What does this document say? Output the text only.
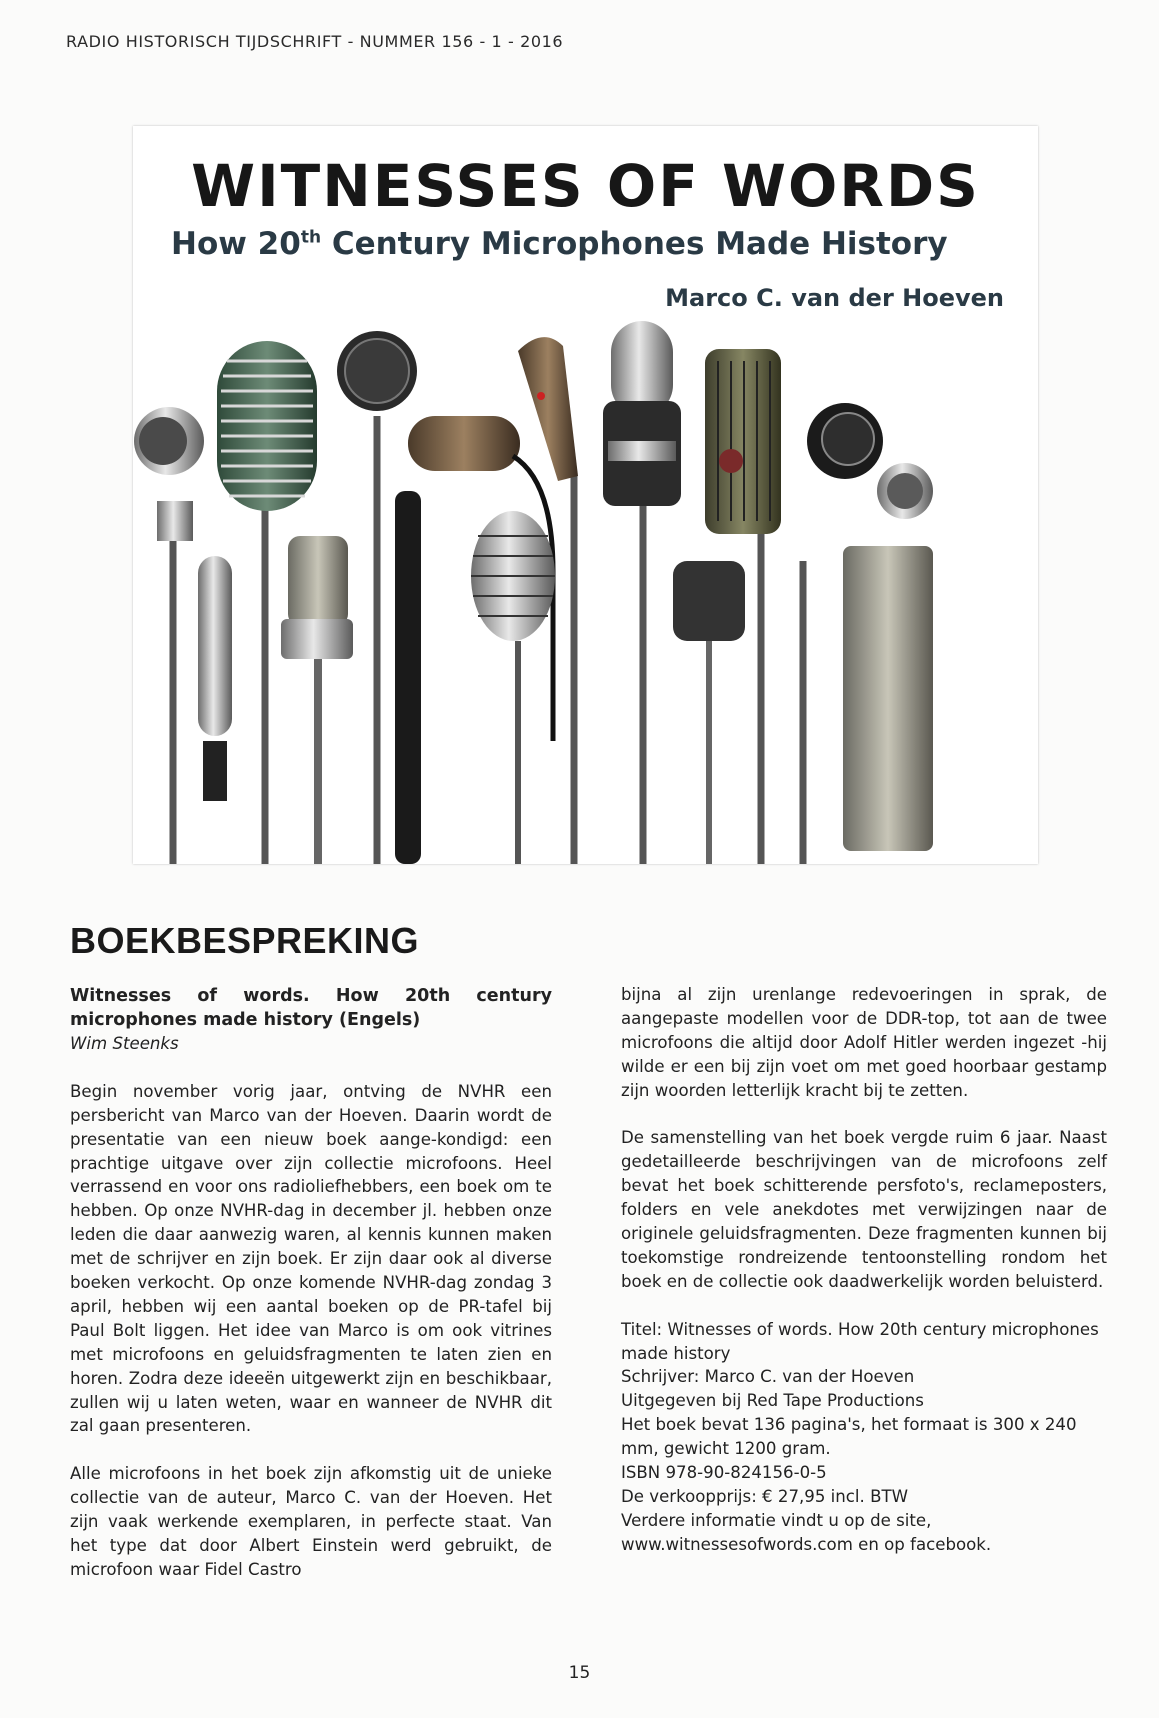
RADIO HISTORISCH TIJDSCHRIFT - NUMMER 156 - 1 - 2016
WITNESSES OF WORDS
How 20th Century Microphones Made History
Marco C. van der Hoeven
BOEKBESPREKING
Witnesses of words. How 20th century microphones made history (Engels)
Wim Steenks

Begin november vorig jaar, ontving de NVHR een persbericht van Marco van der Hoeven. Daarin wordt de presentatie van een nieuw boek aange-kondigd: een prachtige uitgave over zijn collectie microfoons. Heel verrassend en voor ons radioliefhebbers, een boek om te hebben. Op onze NVHR-dag in december jl. hebben onze leden die daar aanwezig waren, al kennis kunnen maken met de schrijver en zijn boek. Er zijn daar ook al diverse boeken verkocht. Op onze komende NVHR-dag zondag 3 april, hebben wij een aantal boeken op de PR-tafel bij Paul Bolt liggen. Het idee van Marco is om ook vitrines met microfoons en geluidsfragmenten te laten zien en horen. Zodra deze ideeën uitgewerkt zijn en beschikbaar, zullen wij u laten weten, waar en wanneer de NVHR dit zal gaan presenteren.

Alle microfoons in het boek zijn afkomstig uit de unieke collectie van de auteur, Marco C. van der Hoeven. Het zijn vaak werkende exemplaren, in perfecte staat. Van het type dat door Albert Einstein werd gebruikt, de microfoon waar Fidel Castro

bijna al zijn urenlange redevoeringen in sprak, de aangepaste modellen voor de DDR-top, tot aan de twee microfoons die altijd door Adolf Hitler werden ingezet -hij wilde er een bij zijn voet om met goed hoorbaar gestamp zijn woorden letterlijk kracht bij te zetten.

De samenstelling van het boek vergde ruim 6 jaar. Naast gedetailleerde beschrijvingen van de microfoons zelf bevat het boek schitterende persfoto's, reclameposters, folders en vele anekdotes met verwijzingen naar de originele geluidsfragmenten. Deze fragmenten kunnen bij toekomstige rondreizende tentoonstelling rondom het boek en de collectie ook daadwerkelijk worden beluisterd.

Titel: Witnesses of words. How 20th century microphones made history
Schrijver: Marco C. van der Hoeven
Uitgegeven bij Red Tape Productions
Het boek bevat 136 pagina's, het formaat is 300 x 240 mm, gewicht 1200 gram.
ISBN 978-90-824156-0-5
De verkoopprijs: € 27,95 incl. BTW
Verdere informatie vindt u op de site, www.witnessesofwords.com en op facebook.
15
